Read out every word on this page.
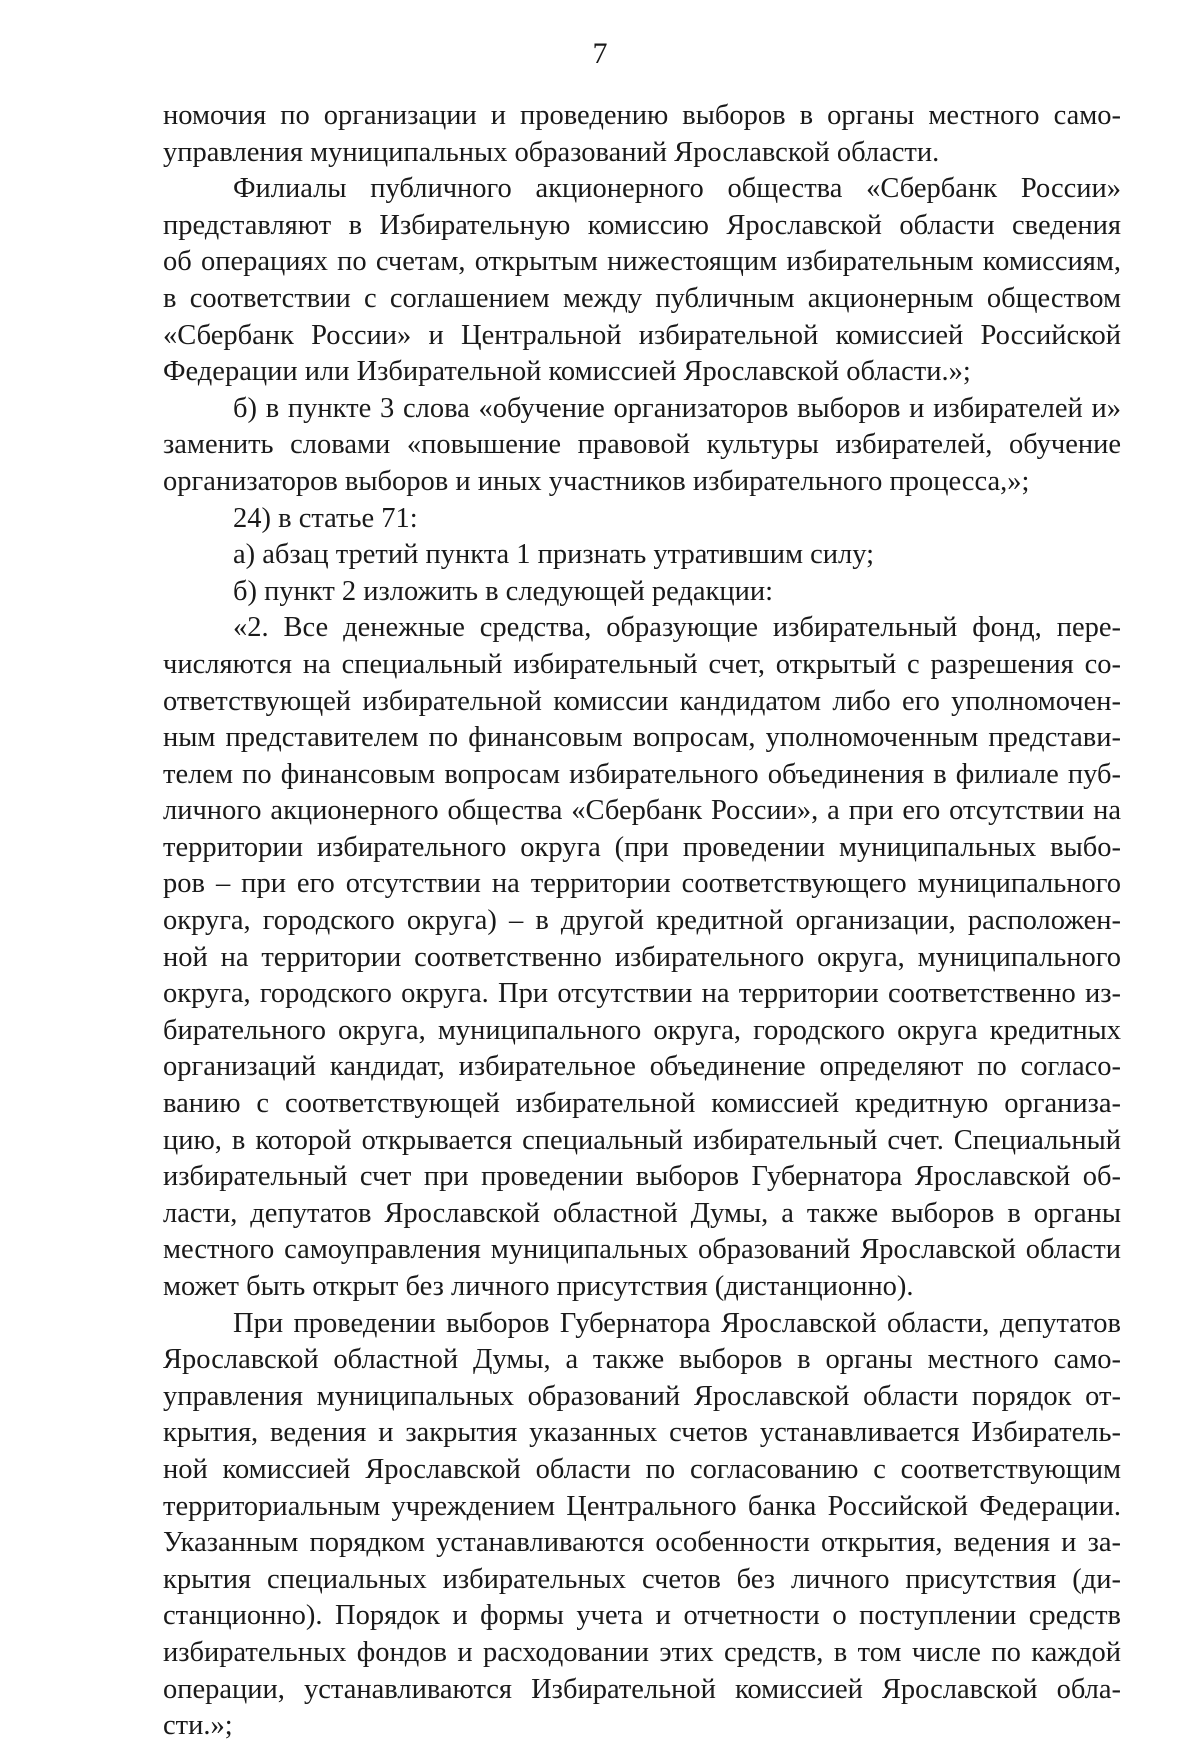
7
номочия по организации и проведению выборов в органы местного само-
управления муниципальных образований Ярославской области.
Филиалы публичного акционерного общества «Сбербанк России»
представляют в Избирательную комиссию Ярославской области сведения
об операциях по счетам, открытым нижестоящим избирательным комиссиям,
в соответствии с соглашением между публичным акционерным обществом
«Сбербанк России» и Центральной избирательной комиссией Российской
Федерации или Избирательной комиссией Ярославской области.»;
б) в пункте 3 слова «обучение организаторов выборов и избирателей и»
заменить словами «повышение правовой культуры избирателей, обучение
организаторов выборов и иных участников избирательного процесса,»;
24) в статье 71:
а) абзац третий пункта 1 признать утратившим силу;
б) пункт 2 изложить в следующей редакции:
«2. Все денежные средства, образующие избирательный фонд, пере-
числяются на специальный избирательный счет, открытый с разрешения со-
ответствующей избирательной комиссии кандидатом либо его уполномочен-
ным представителем по финансовым вопросам, уполномоченным представи-
телем по финансовым вопросам избирательного объединения в филиале пуб-
личного акционерного общества «Сбербанк России», а при его отсутствии на
территории избирательного округа (при проведении муниципальных выбо-
ров – при его отсутствии на территории соответствующего муниципального
округа, городского округа) – в другой кредитной организации, расположен-
ной на территории соответственно избирательного округа, муниципального
округа, городского округа. При отсутствии на территории соответственно из-
бирательного округа, муниципального округа, городского округа кредитных
организаций кандидат, избирательное объединение определяют по согласо-
ванию с соответствующей избирательной комиссией кредитную организа-
цию, в которой открывается специальный избирательный счет. Специальный
избирательный счет при проведении выборов Губернатора Ярославской об-
ласти, депутатов Ярославской областной Думы, а также выборов в органы
местного самоуправления муниципальных образований Ярославской области
может быть открыт без личного присутствия (дистанционно).
При проведении выборов Губернатора Ярославской области, депутатов
Ярославской областной Думы, а также выборов в органы местного само-
управления муниципальных образований Ярославской области порядок от-
крытия, ведения и закрытия указанных счетов устанавливается Избиратель-
ной комиссией Ярославской области по согласованию с соответствующим
территориальным учреждением Центрального банка Российской Федерации.
Указанным порядком устанавливаются особенности открытия, ведения и за-
крытия специальных избирательных счетов без личного присутствия (ди-
станционно). Порядок и формы учета и отчетности о поступлении средств
избирательных фондов и расходовании этих средств, в том числе по каждой
операции, устанавливаются Избирательной комиссией Ярославской обла-
сти.»;
